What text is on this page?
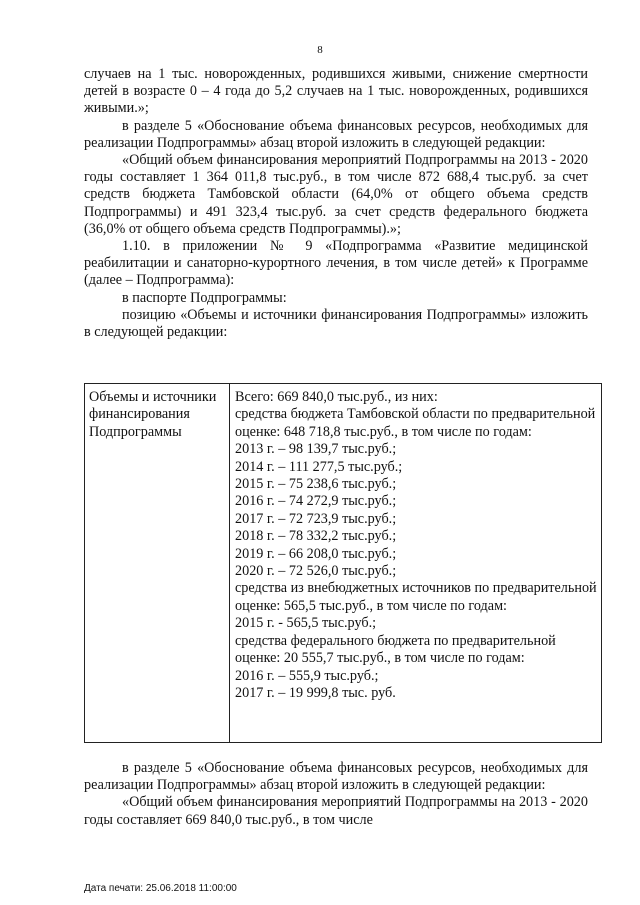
8

случаев на 1 тыс. новорожденных, родившихся живыми, снижение смертности детей в возрасте 0 – 4 года до 5,2 случаев на 1 тыс. новорожденных, родившихся живыми.»;

в разделе 5 «Обоснование объема финансовых ресурсов, необходимых для реализации Подпрограммы» абзац второй изложить в следующей редакции:

«Общий объем финансирования мероприятий Подпрограммы на 2013 - 2020 годы составляет 1 364 011,8 тыс.руб., в том числе 872 688,4 тыс.руб. за счет средств бюджета Тамбовской области (64,0% от общего объема средств Подпрограммы) и 491 323,4 тыс.руб. за счет средств федерального бюджета (36,0% от общего объема средств Подпрограммы).»;

1.10. в приложении № 9 «Подпрограмма «Развитие медицинской реабилитации и санаторно-курортного лечения, в том числе детей» к Программе (далее – Подпрограмма):

в паспорте Подпрограммы:

позицию «Объемы и источники финансирования Подпрограммы» изложить в следующей редакции:

Объемы и источники финансирования Подпрограммы
Всего: 669 840,0 тыс.руб., из них:
средства бюджета Тамбовской области по предварительной оценке: 648 718,8 тыс.руб., в том числе по годам:
2013 г. – 98 139,7 тыс.руб.;
2014 г. – 111 277,5 тыс.руб.;
2015 г. – 75 238,6 тыс.руб.;
2016 г. – 74 272,9 тыс.руб.;
2017 г. – 72 723,9 тыс.руб.;
2018 г. – 78 332,2 тыс.руб.;
2019 г. – 66 208,0 тыс.руб.;
2020 г. – 72 526,0 тыс.руб.;
средства из внебюджетных источников по предварительной оценке: 565,5 тыс.руб., в том числе по годам:
2015 г. - 565,5 тыс.руб.;
средства федерального бюджета по предварительной оценке: 20 555,7 тыс.руб., в том числе по годам:
2016 г. – 555,9 тыс.руб.;
2017 г. – 19 999,8 тыс. руб.

в разделе 5 «Обоснование объема финансовых ресурсов, необходимых для реализации Подпрограммы» абзац второй изложить в следующей редакции:

«Общий объем финансирования мероприятий Подпрограммы на 2013 - 2020 годы составляет 669 840,0 тыс.руб., в том числе

Дата печати: 25.06.2018 11:00:00
